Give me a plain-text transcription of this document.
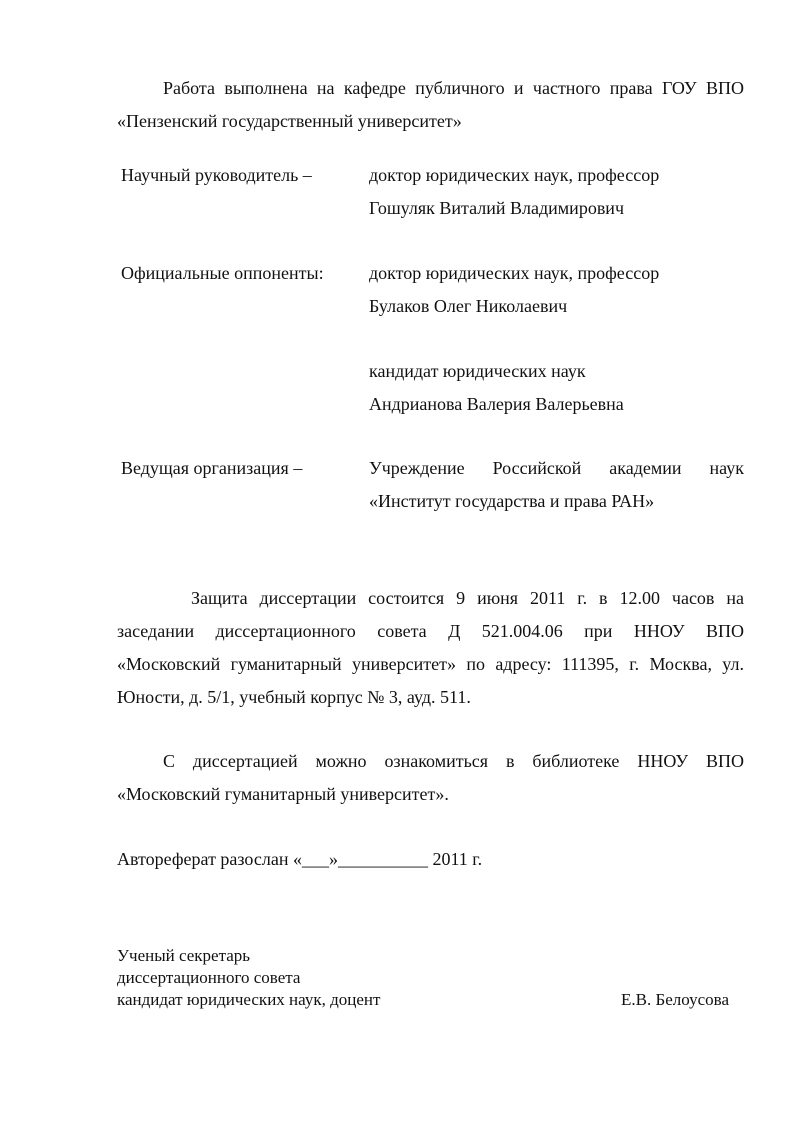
Работа выполнена на кафедре публичного и частного права ГОУ ВПО
«Пензенский государственный университет»
Научный руководитель –	доктор юридических наук, профессор
Гошуляк Виталий Владимирович
Официальные оппоненты:	доктор юридических наук, профессор
Булаков Олег Николаевич
кандидат юридических наук
Андрианова Валерия Валерьевна
Ведущая организация –	Учреждение Российской академии наук
«Институт государства и права РАН»
Защита диссертации состоится 9 июня 2011 г. в 12.00 часов на
заседании диссертационного совета Д 521.004.06 при ННОУ ВПО
«Московский гуманитарный университет» по адресу: 111395, г. Москва, ул.
Юности, д. 5/1, учебный корпус № 3, ауд. 511.
С диссертацией можно ознакомиться в библиотеке ННОУ ВПО
«Московский гуманитарный университет».
Автореферат разослан «___»__________ 2011 г.
Ученый секретарь
диссертационного совета
кандидат юридических наук, доцент	Е.В. Белоусова
